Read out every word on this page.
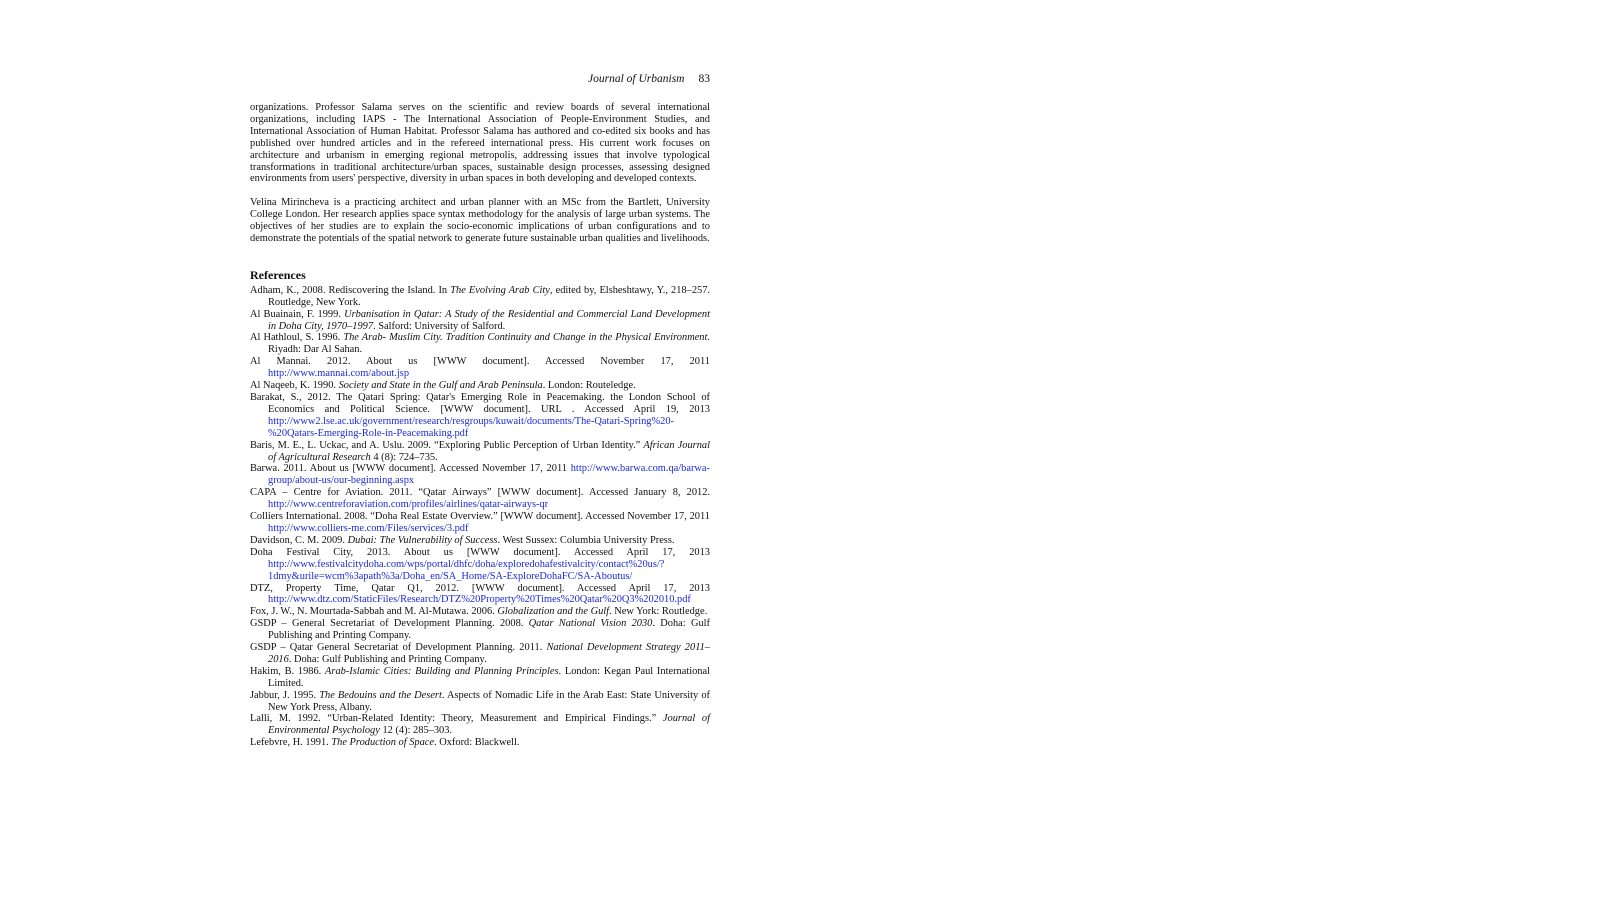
Journal of Urbanism 83

organizations. Professor Salama serves on the scientific and review boards of several international organizations, including IAPS - The International Association of People-Environment Studies, and International Association of Human Habitat. Professor Salama has authored and co-edited six books and has published over hundred articles and in the refereed international press. His current work focuses on architecture and urbanism in emerging regional metropolis, addressing issues that involve typological transformations in traditional architecture/urban spaces, sustainable design processes, assessing designed environments from users' perspective, diversity in urban spaces in both developing and developed contexts.

Velina Mirincheva is a practicing architect and urban planner with an MSc from the Bartlett, University College London. Her research applies space syntax methodology for the analysis of large urban systems. The objectives of her studies are to explain the socio-economic implications of urban configurations and to demonstrate the potentials of the spatial network to generate future sustainable urban qualities and livelihoods.

References

Adham, K., 2008. Rediscovering the Island. In The Evolving Arab City, edited by, Elsheshtawy, Y., 218–257. Routledge, New York.

Al Buainain, F. 1999. Urbanisation in Qatar: A Study of the Residential and Commercial Land Development in Doha City, 1970–1997. Salford: University of Salford.

Al Hathloul, S. 1996. The Arab- Muslim City. Tradition Continuity and Change in the Physical Environment. Riyadh: Dar Al Sahan.

Al Mannai. 2012. About us [WWW document]. Accessed November 17, 2011 http://www.mannai.com/about.jsp

Al Naqeeb, K. 1990. Society and State in the Gulf and Arab Peninsula. London: Routeledge.

Barakat, S., 2012. The Qatari Spring: Qatar's Emerging Role in Peacemaking. the London School of Economics and Political Science. [WWW document]. URL . Accessed April 19, 2013 http://www2.lse.ac.uk/government/research/resgroups/kuwait/documents/The-Qatari-Spring%20-%20Qatars-Emerging-Role-in-Peacemaking.pdf

Baris, M. E., L. Uckac, and A. Uslu. 2009. “Exploring Public Perception of Urban Identity.” African Journal of Agricultural Research 4 (8): 724–735.

Barwa. 2011. About us [WWW document]. Accessed November 17, 2011 http://www.barwa.com.qa/barwa-group/about-us/our-beginning.aspx

CAPA – Centre for Aviation. 2011. “Qatar Airways” [WWW document]. Accessed January 8, 2012. http://www.centreforaviation.com/profiles/airlines/qatar-airways-qr

Colliers International. 2008. “Doha Real Estate Overview.” [WWW document]. Accessed November 17, 2011 http://www.colliers-me.com/Files/services/3.pdf

Davidson, C. M. 2009. Dubai: The Vulnerability of Success. West Sussex: Columbia University Press.

Doha Festival City, 2013. About us [WWW document]. Accessed April 17, 2013 http://www.festivalcitydoha.com/wps/portal/dhfc/doha/exploredohafestivalcity/contact%20us/?1dmy&urile=wcm%3apath%3a/Doha_en/SA_Home/SA-ExploreDohaFC/SA-Aboutus/

DTZ, Property Time, Qatar Q1, 2012. [WWW document]. Accessed April 17, 2013 http://www.dtz.com/StaticFiles/Research/DTZ%20Property%20Times%20Qatar%20Q3%202010.pdf

Fox, J. W., N. Mourtada-Sabbah and M. Al-Mutawa. 2006. Globalization and the Gulf. New York: Routledge.

GSDP – General Secretariat of Development Planning. 2008. Qatar National Vision 2030. Doha: Gulf Publishing and Printing Company.

GSDP – Qatar General Secretariat of Development Planning. 2011. National Development Strategy 2011–2016. Doha: Gulf Publishing and Printing Company.

Hakim, B. 1986. Arab-Islamic Cities: Building and Planning Principles. London: Kegan Paul International Limited.

Jabbur, J. 1995. The Bedouins and the Desert. Aspects of Nomadic Life in the Arab East: State University of New York Press, Albany.

Lalli, M. 1992. “Urban-Related Identity: Theory, Measurement and Empirical Findings.” Journal of Environmental Psychology 12 (4): 285–303.

Lefebvre, H. 1991. The Production of Space. Oxford: Blackwell.
